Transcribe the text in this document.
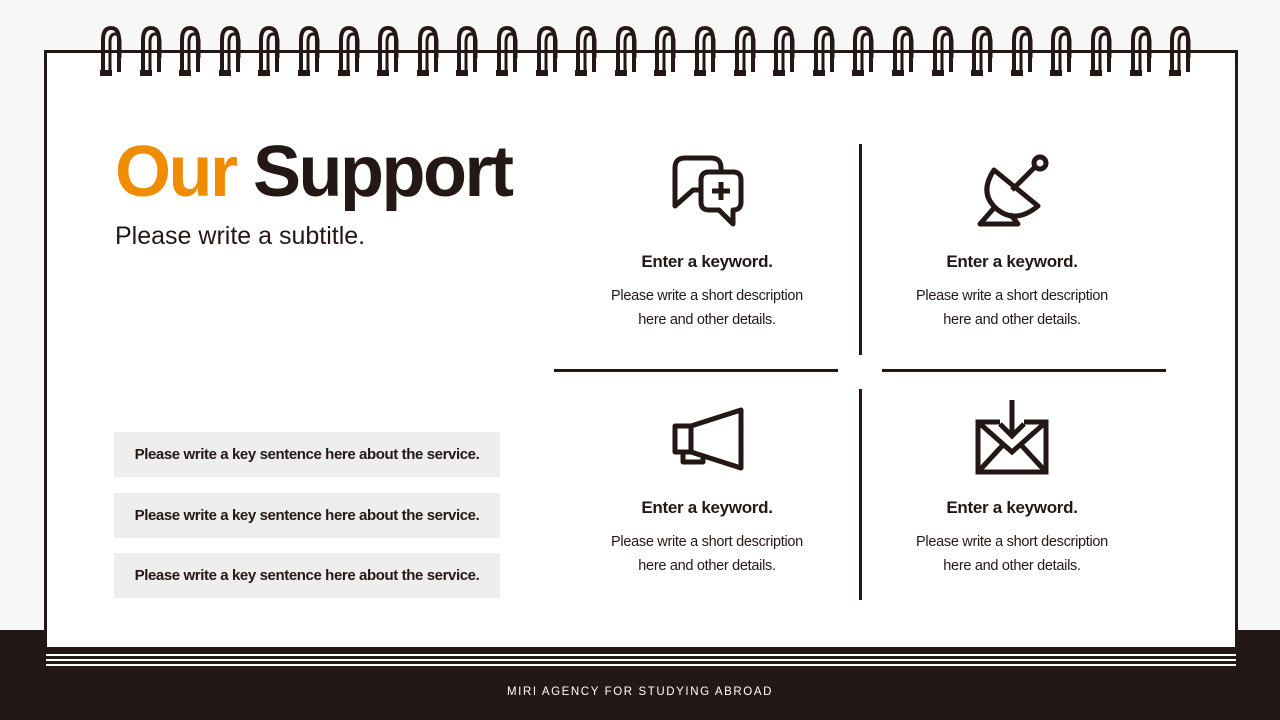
MIRI AGENCY FOR STUDYING ABROAD
Our Support
Please write a subtitle.
Please write a key sentence here about the service.
Please write a key sentence here about the service.
Please write a key sentence here about the service.
Enter a keyword.
Please write a short description
here and other details.
Enter a keyword.
Please write a short description
here and other details.
Enter a keyword.
Please write a short description
here and other details.
Enter a keyword.
Please write a short description
here and other details.
